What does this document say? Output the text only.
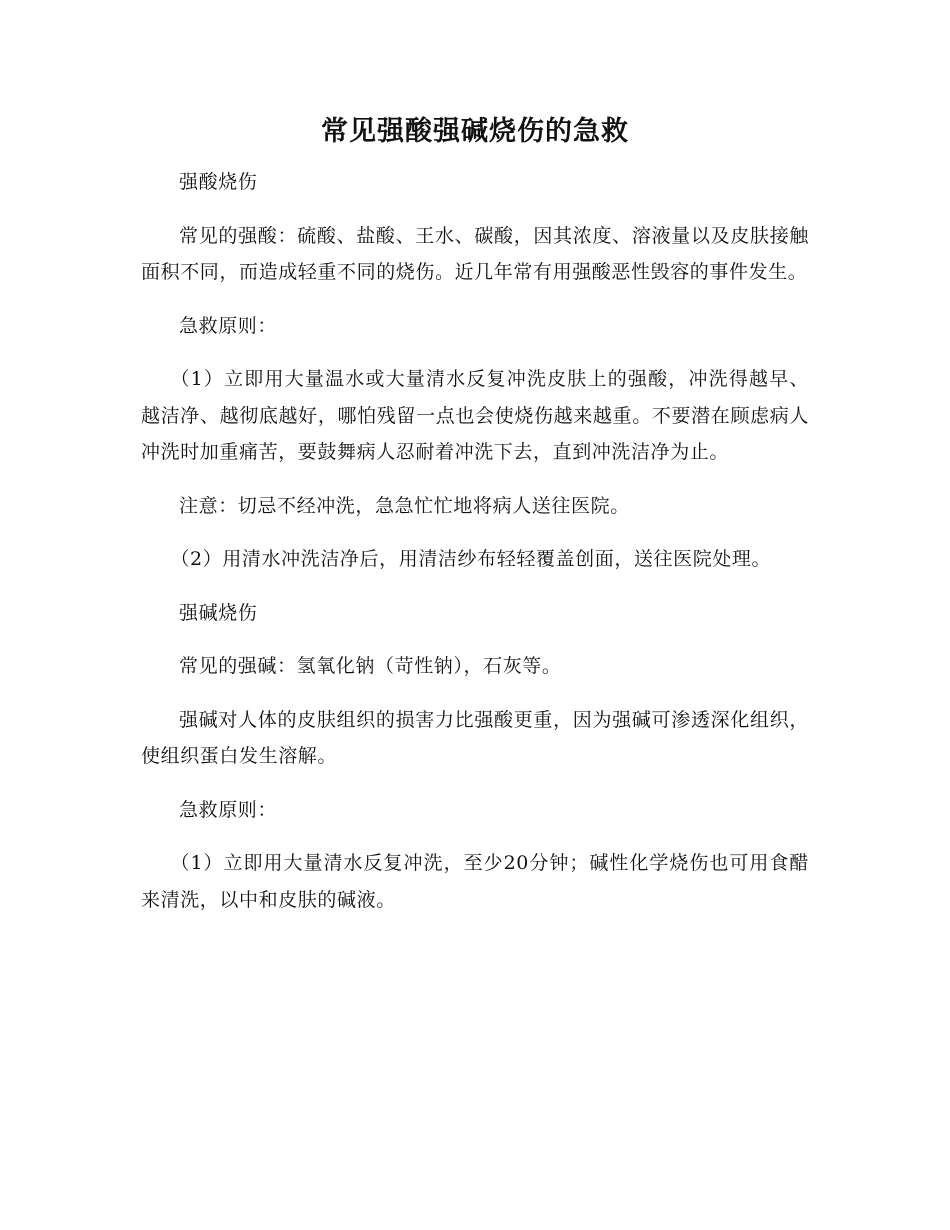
常见强酸强碱烧伤的急救

强酸烧伤

常见的强酸：硫酸、盐酸、王水、碳酸，因其浓度、溶液量以及皮肤接触面积不同，而造成轻重不同的烧伤。近几年常有用强酸恶性毁容的事件发生。

急救原则：

（1）立即用大量温水或大量清水反复冲洗皮肤上的强酸，冲洗得越早、越洁净、越彻底越好，哪怕残留一点也会使烧伤越来越重。不要潜在顾虑病人冲洗时加重痛苦，要鼓舞病人忍耐着冲洗下去，直到冲洗洁净为止。

注意：切忌不经冲洗，急急忙忙地将病人送往医院。

（2）用清水冲洗洁净后，用清洁纱布轻轻覆盖创面，送往医院处理。

强碱烧伤

常见的强碱：氢氧化钠（苛性钠），石灰等。

强碱对人体的皮肤组织的损害力比强酸更重，因为强碱可渗透深化组织，使组织蛋白发生溶解。

急救原则：

（1）立即用大量清水反复冲洗，至少20分钟；碱性化学烧伤也可用食醋来清洗，以中和皮肤的碱液。
